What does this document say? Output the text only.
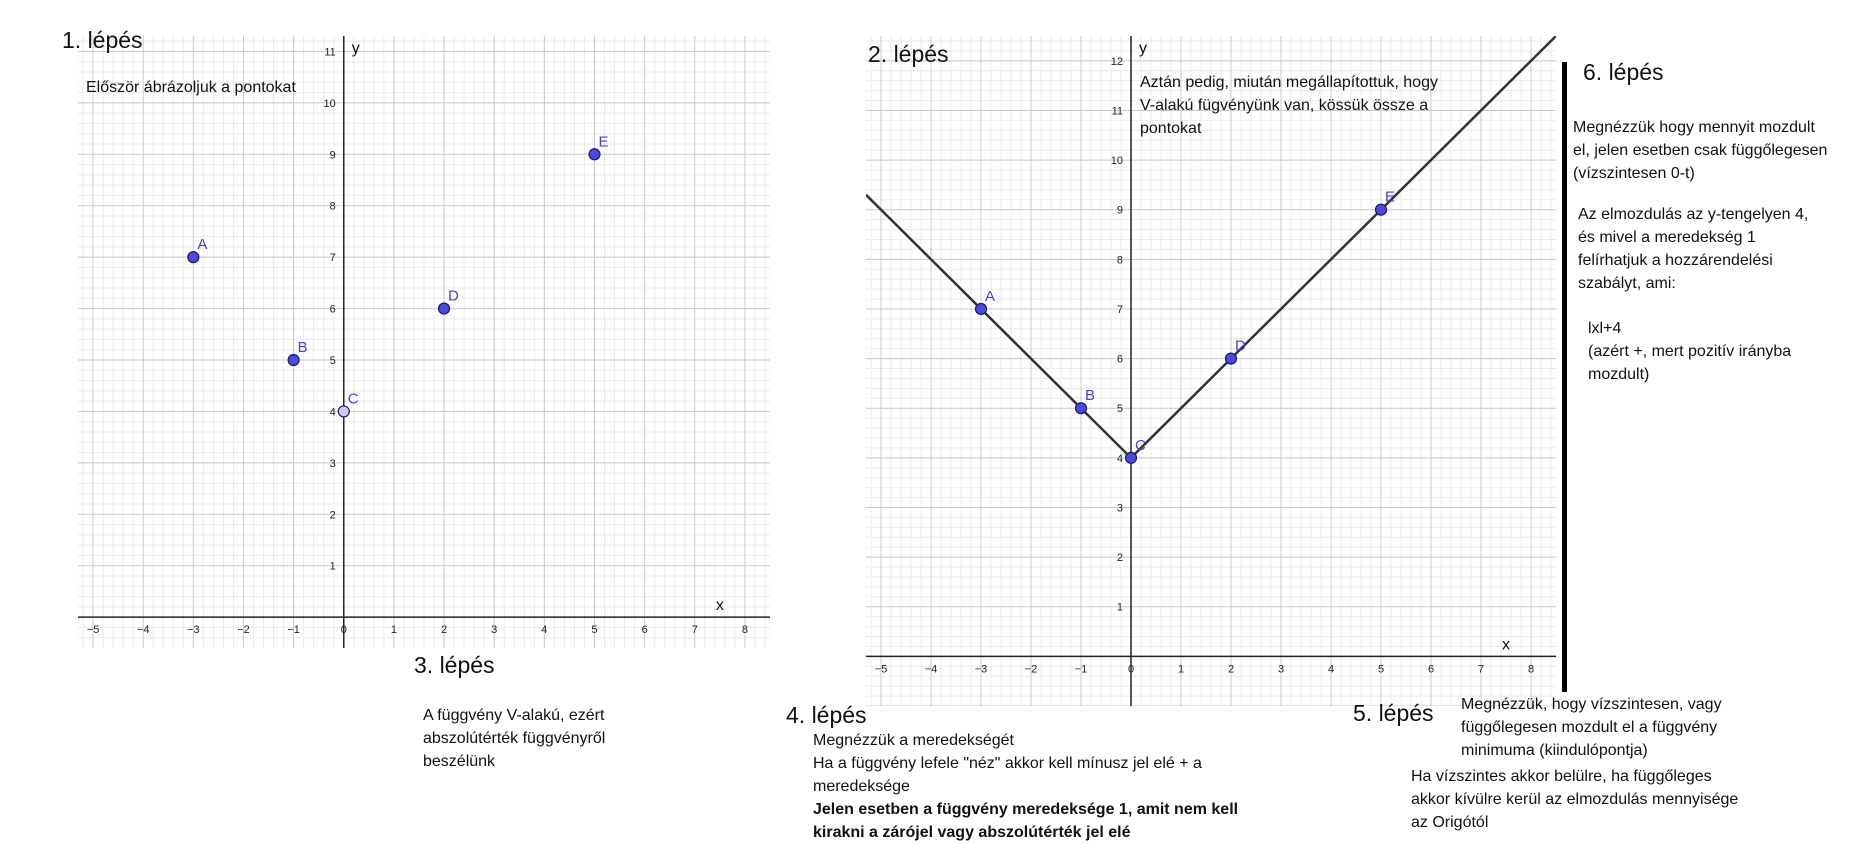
−5	−4	−3	−2	−1	0	1	2	3	4	5	6	7	8
1
2
3
4
5
6
7
8
9
10
11
x
y
A
B
C
D
E
−5	−4	−3	−2	−1	0	1	2	3	4	5	6	7	8
1
2
3
4
5
6
7
8
9
10
11
12
x
y
A
B
C
D
E
1. lépés
2. lépés
3. lépés
4. lépés	5. lépés
6. lépés
Először ábrázoljuk a pontokat	Aztán pedig, miután megállapítottuk, hogy
V-alakú fügvényünk van, kössük össze a
pontokat
A függvény V-alakú, ezért
abszolútérték függvényről
beszélünk
Megnézzük a meredekségét
Ha a függvény lefele "néz" akkor kell mínusz jel elé + a
meredeksége
Jelen esetben a függvény meredeksége 1, amit nem kell
kirakni a zárójel vagy abszolútérték jel elé
Megnézzük, hogy vízszintesen, vagy
függőlegesen mozdult el a függvény
minimuma (kiindulópontja)
Ha vízszintes akkor belülre, ha függőleges
akkor kívülre kerül az elmozdulás mennyisége
az Origótól
Megnézzük hogy mennyit mozdult
el, jelen esetben csak függőlegesen
(vízszintesen 0-t)
Az elmozdulás az y-tengelyen 4,
és mivel a meredekség 1
felírhatjuk a hozzárendelési
szabályt, ami:
lxl+4
(azért +, mert pozitív irányba
mozdult)
